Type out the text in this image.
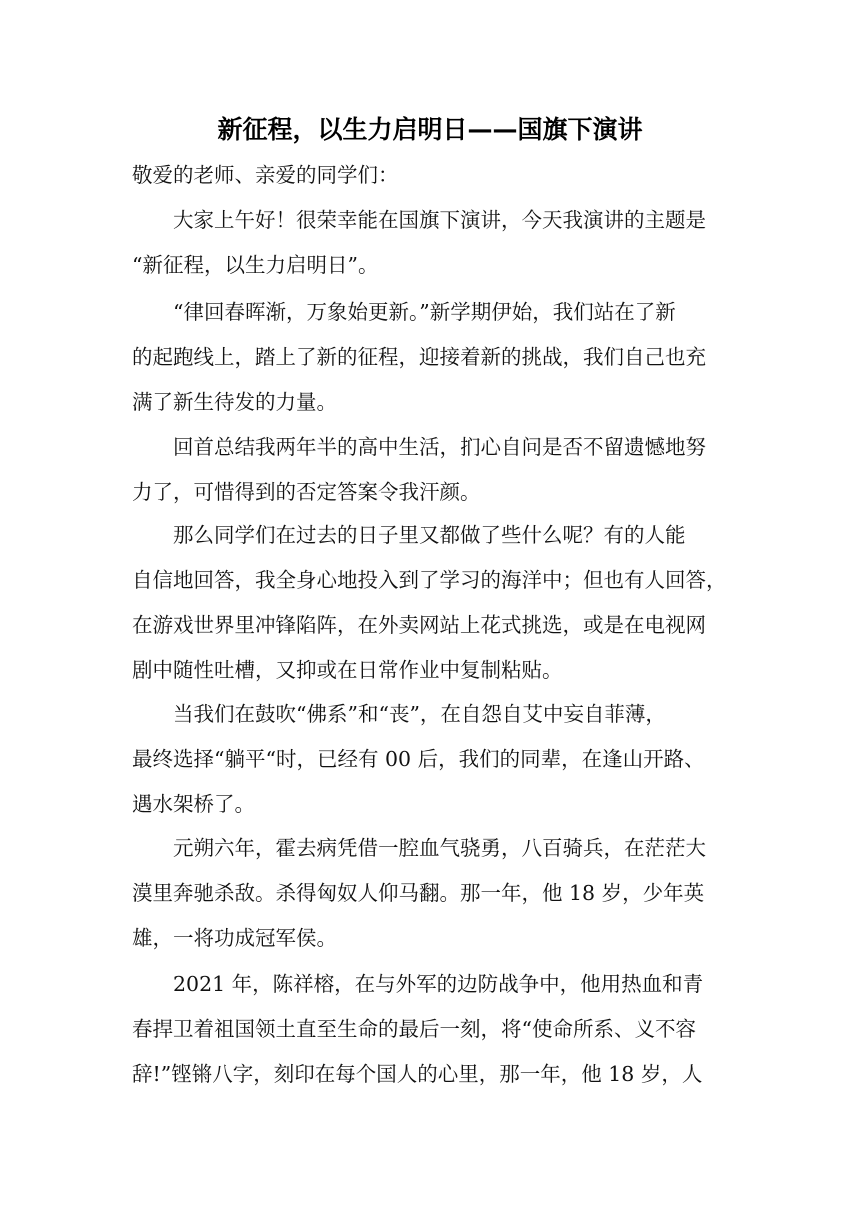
新征程，以生力启明日——国旗下演讲
敬爱的老师、亲爱的同学们：
大家上午好！很荣幸能在国旗下演讲，今天我演讲的主题是
“新征程，以生力启明日”。
“律回春晖渐，万象始更新。”新学期伊始，我们站在了新
的起跑线上，踏上了新的征程，迎接着新的挑战，我们自己也充
满了新生待发的力量。
回首总结我两年半的高中生活，扪心自问是否不留遗憾地努
力了，可惜得到的否定答案令我汗颜。
那么同学们在过去的日子里又都做了些什么呢？有的人能
自信地回答，我全身心地投入到了学习的海洋中；但也有人回答，
在游戏世界里冲锋陷阵，在外卖网站上花式挑选，或是在电视网
剧中随性吐槽，又抑或在日常作业中复制粘贴。
当我们在鼓吹“佛系”和“丧”，在自怨自艾中妄自菲薄，
最终选择“躺平“时，已经有 00 后，我们的同辈，在逢山开路、
遇水架桥了。
元朔六年，霍去病凭借一腔血气骁勇，八百骑兵，在茫茫大
漠里奔驰杀敌。杀得匈奴人仰马翻。那一年，他 18 岁，少年英
雄，一将功成冠军侯。
2021 年，陈祥榕，在与外军的边防战争中，他用热血和青
春捍卫着祖国领土直至生命的最后一刻，将“使命所系、义不容
辞!”铿锵八字，刻印在每个国人的心里，那一年，他 18 岁，人
